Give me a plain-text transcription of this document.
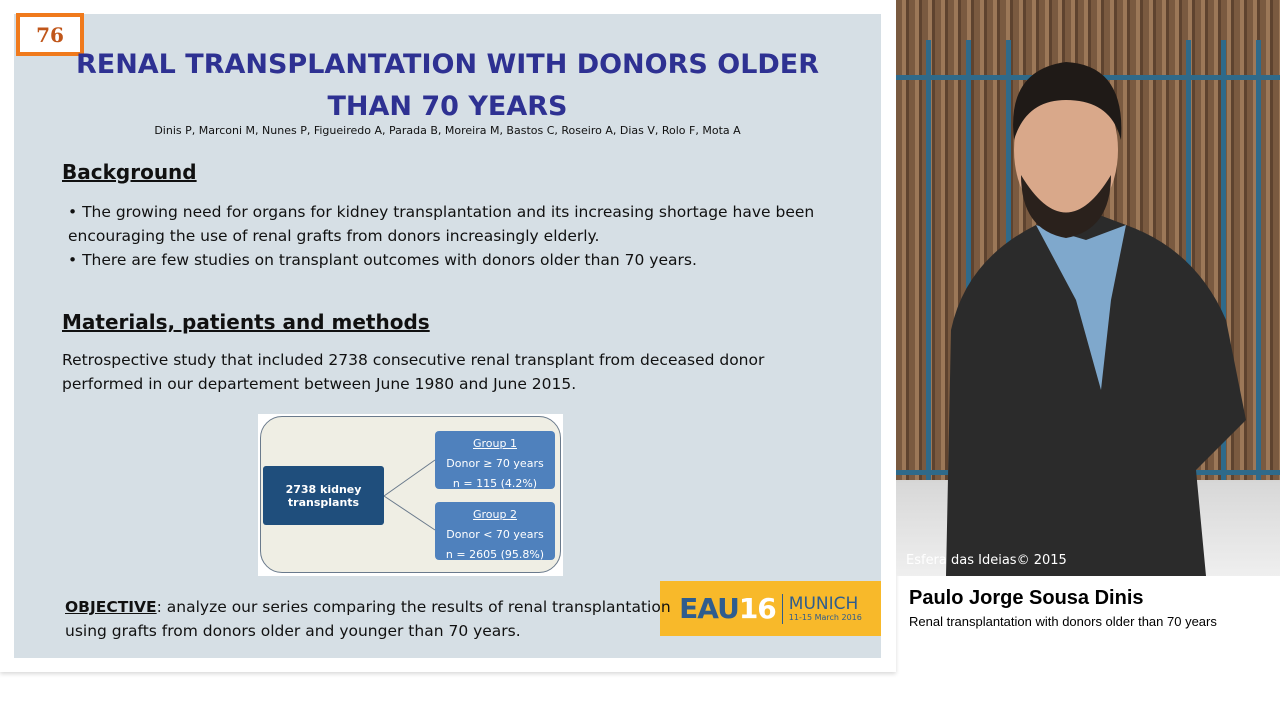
76
RENAL TRANSPLANTATION WITH DONORS OLDER
THAN 70 YEARS
Dinis P, Marconi M, Nunes P, Figueiredo A, Parada B, Moreira M, Bastos C, Roseiro A, Dias V, Rolo F, Mota A
Background
• The growing need for organs for kidney transplantation and its increasing shortage have been encouraging the use of renal grafts from donors increasingly elderly.
• There are few studies on transplant outcomes with donors older than 70 years.
Materials, patients and methods
Retrospective study that included 2738 consecutive renal transplant from deceased donor performed in our departement between June 1980 and June 2015.
2738 kidney transplants
Group 1
Donor ≥ 70 years
n = 115 (4.2%)
Group 2
Donor < 70 years
n = 2605 (95.8%)
EAU16 MUNICH
11-15 March 2016
OBJECTIVE: analyze our series comparing the results of renal transplantation using grafts from donors older and younger than 70 years.
Esfera das Ideias© 2015
Paulo Jorge Sousa Dinis
Renal transplantation with donors older than 70 years
